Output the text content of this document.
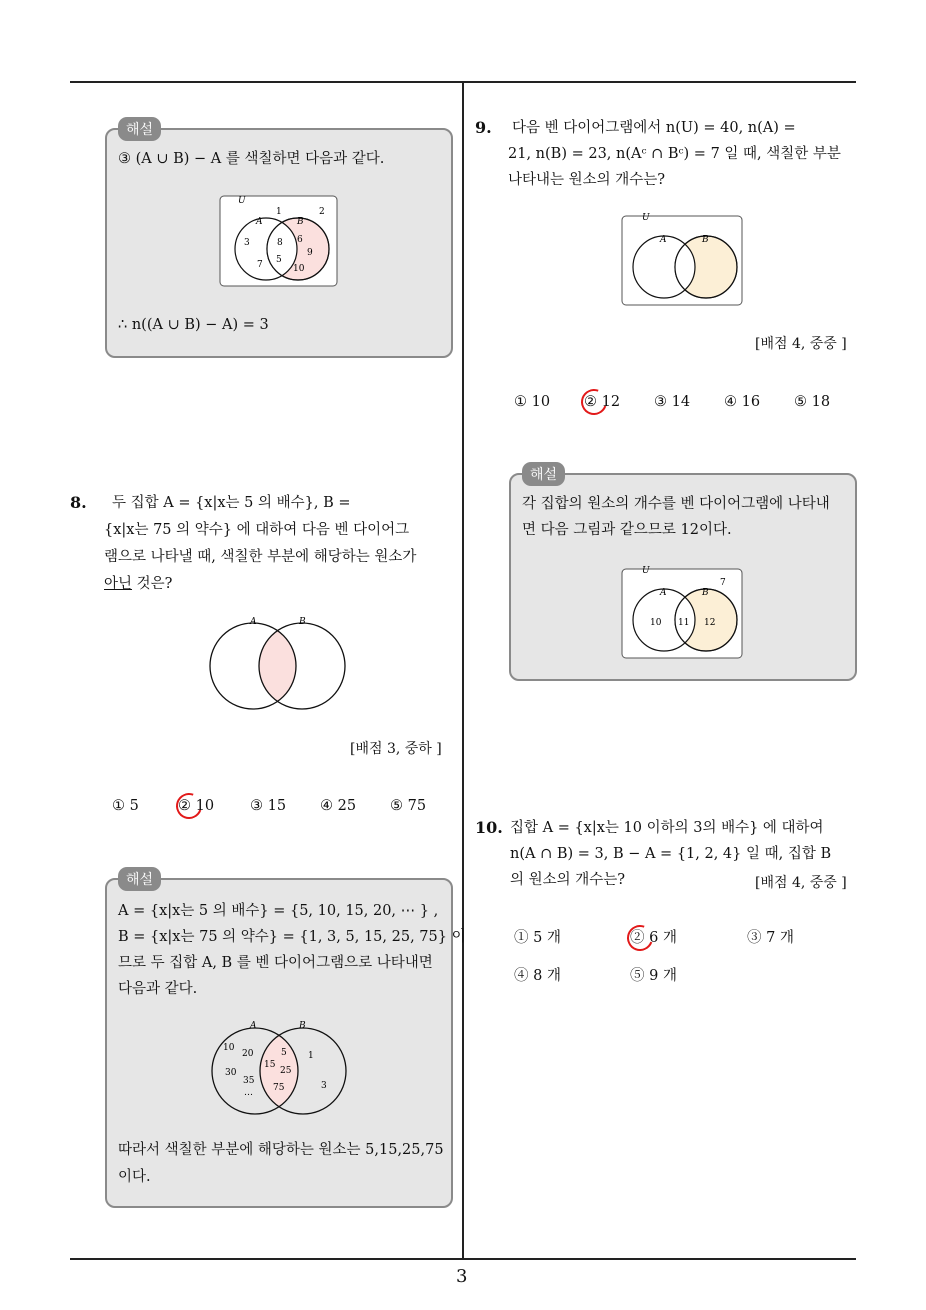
3
해설
③ (A ∪ B) − A 를 색칠하면 다음과 같다.
U
A	B
1	2
3	8
5
7
6
9
10
∴ n((A ∪ B) − A) = 3
8. 두 집합 A = {x|x는 5 의 배수}, B =
{x|x는 75 의 약수} 에 대하여 다음 벤 다이어그
램으로 나타낼 때, 색칠한 부분에 해당하는 원소가
아닌 것은?
A	B
[배점 3, 중하 ]
① 5	② 10 ③ 15 ④ 25 ⑤ 75
해설
A = {x|x는 5 의 배수} = {5, 10, 15, 20, ⋯ } ,
B = {x|x는 75 의 약수} = {1, 3, 5, 15, 25, 75} 이
므로 두 집합 A, B 를 벤 다이어그램으로 나타내면
다음과 같다.
A	B
10
20
30
35
…
5
15
25
75
1
3
따라서 색칠한 부분에 해당하는 원소는 5,15,25,75
이다.
9. 다음 벤 다이어그램에서 n(U) = 40, n(A) =
21, n(B) = 23, n(Aᶜ ∩ Bᶜ) = 7 일 때, 색칠한 부분
나타내는 원소의 개수는?
U
A	B
[배점 4, 중중 ]
① 10 ② 12 ③ 14 ④ 16 ⑤ 18
해설
각 집합의 원소의 개수를 벤 다이어그램에 나타내
면 다음 그림과 같으므로 12이다.
U
A	B
7
10 11 12
10. 집합 A = {x|x는 10 이하의 3의 배수} 에 대하여
n(A ∩ B) = 3, B − A = {1, 2, 4} 일 때, 집합 B
의 원소의 개수는?	[배점 4, 중중 ]
① 5 개	② 6 개	③ 7 개
④ 8 개	⑤ 9 개
